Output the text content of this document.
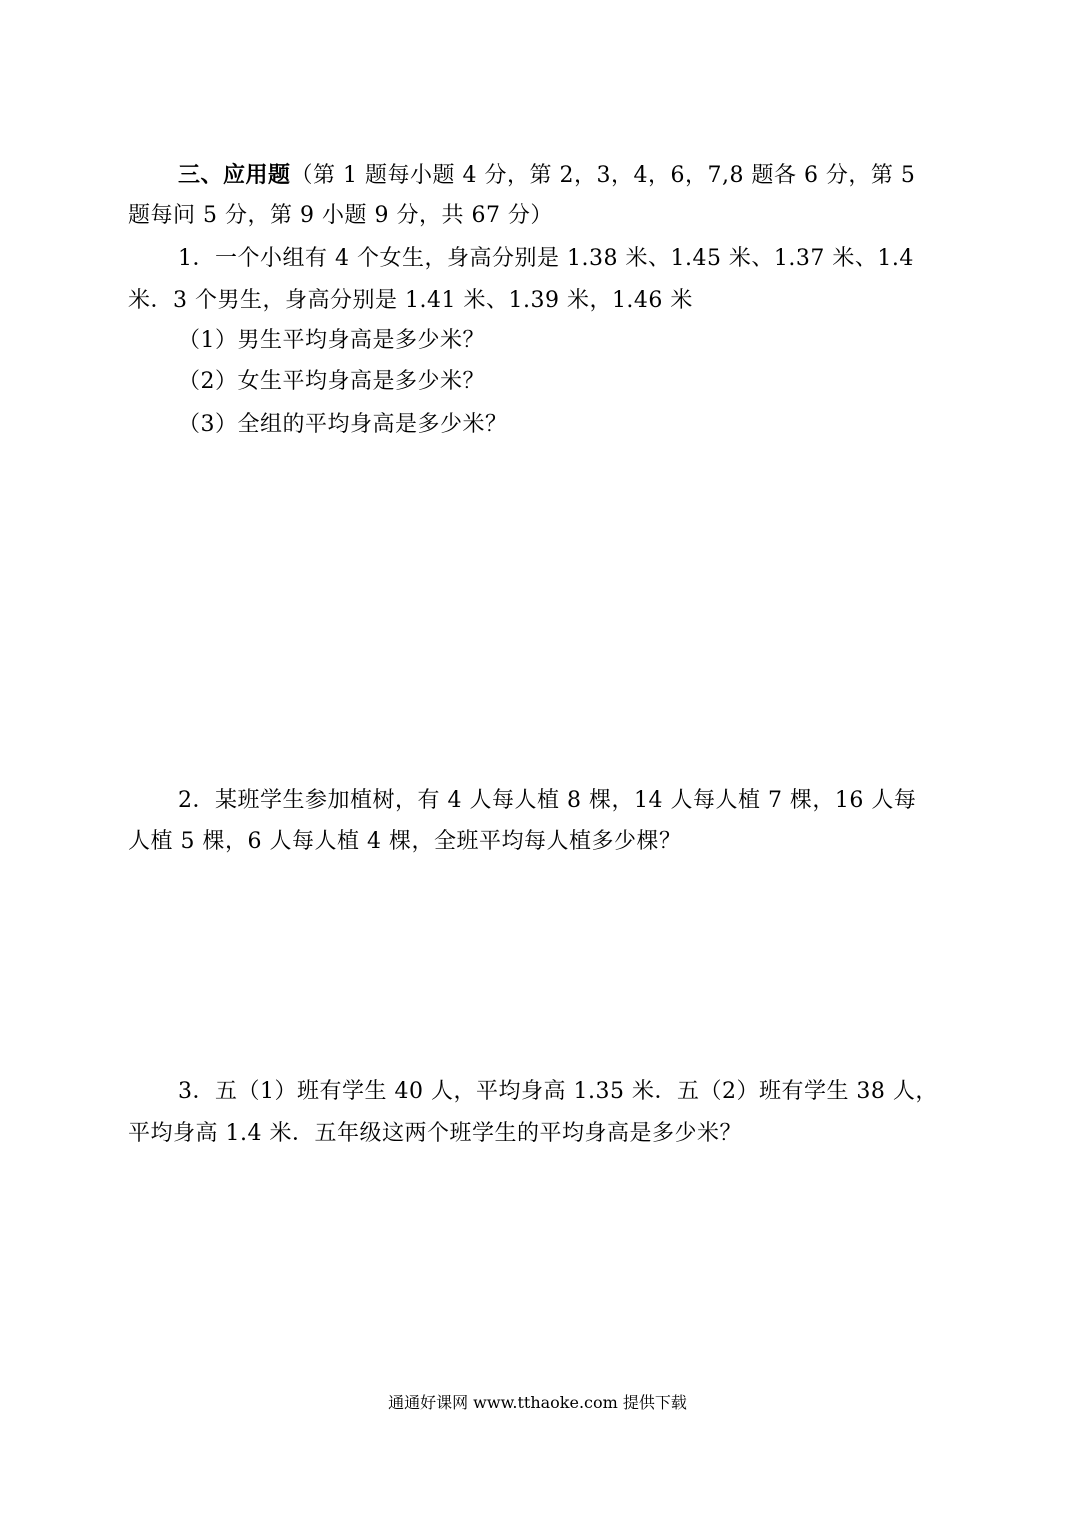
三、应用题（第 1 题每小题 4 分，第 2，3，4，6，7,8 题各 6 分，第 5
题每问 5 分，第 9 小题 9 分，共 67 分）
1．一个小组有 4 个女生，身高分别是 1.38 米、1.45 米、1.37 米、1.4
米．3 个男生，身高分别是 1.41 米、1.39 米，1.46 米
（1）男生平均身高是多少米？
（2）女生平均身高是多少米？
（3）全组的平均身高是多少米？
2．某班学生参加植树，有 4 人每人植 8 棵，14 人每人植 7 棵，16 人每
人植 5 棵，6 人每人植 4 棵，全班平均每人植多少棵？
3．五（1）班有学生 40 人，平均身高 1.35 米．五（2）班有学生 38 人，
平均身高 1.4 米．五年级这两个班学生的平均身高是多少米？
通通好课网 www.tthaoke.com 提供下载
